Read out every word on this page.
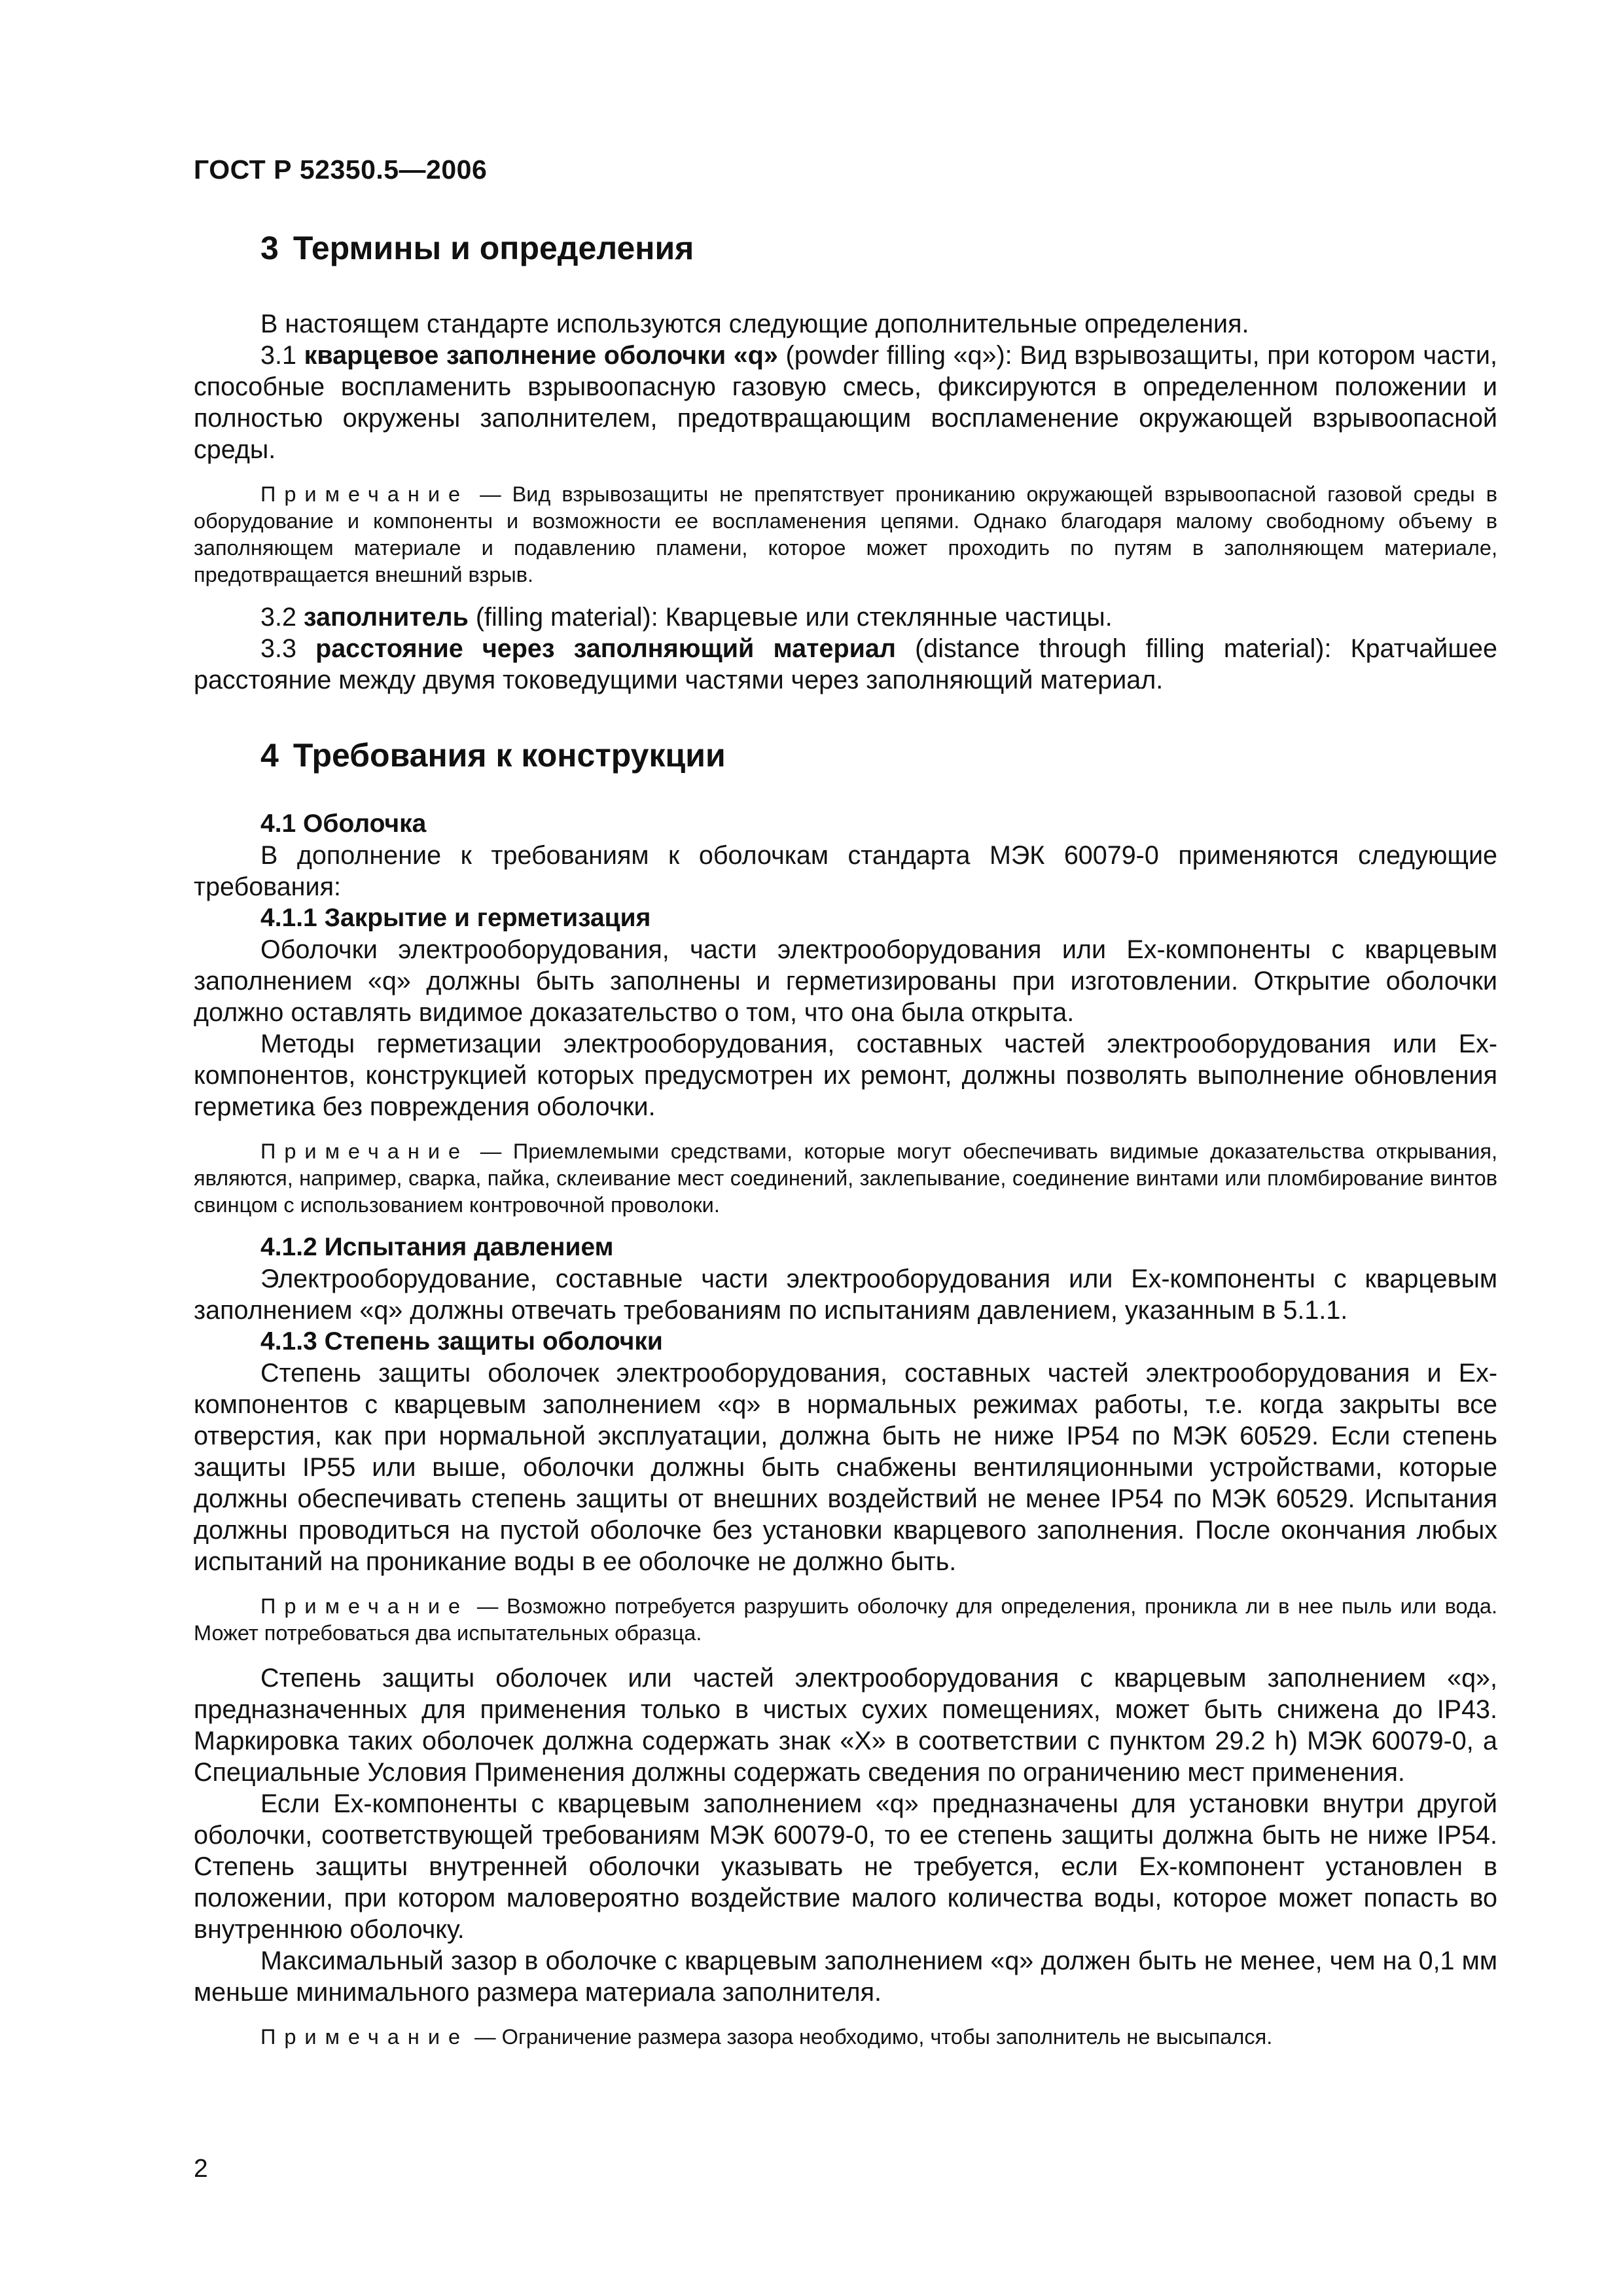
ГОСТ Р 52350.5—2006
3 Термины и определения

В настоящем стандарте используются следующие дополнительные определения.

3.1 кварцевое заполнение оболочки «q» (powder filling «q»): Вид взрывозащиты, при котором части, способные воспламенить взрывоопасную газовую смесь, фиксируются в определенном положении и полностью окружены заполнителем, предотвращающим воспламенение окружающей взрывоопасной среды.

Примечание — Вид взрывозащиты не препятствует прониканию окружающей взрывоопасной газовой среды в оборудование и компоненты и возможности ее воспламенения цепями. Однако благодаря малому свободному объему в заполняющем материале и подавлению пламени, которое может проходить по путям в заполняющем материале, предотвращается внешний взрыв.

3.2 заполнитель (filling material): Кварцевые или стеклянные частицы.

3.3 расстояние через заполняющий материал (distance through filling material): Кратчайшее расстояние между двумя токоведущими частями через заполняющий материал.

4 Требования к конструкции

4.1 Оболочка

В дополнение к требованиям к оболочкам стандарта МЭК 60079-0 применяются следующие требования:

4.1.1 Закрытие и герметизация

Оболочки электрооборудования, части электрооборудования или Ex-компоненты с кварцевым заполнением «q» должны быть заполнены и герметизированы при изготовлении. Открытие оболочки должно оставлять видимое доказательство о том, что она была открыта.

Методы герметизации электрооборудования, составных частей электрооборудования или Ex-компонентов, конструкцией которых предусмотрен их ремонт, должны позволять выполнение обновления герметика без повреждения оболочки.

Примечание — Приемлемыми средствами, которые могут обеспечивать видимые доказательства открывания, являются, например, сварка, пайка, склеивание мест соединений, заклепывание, соединение винтами или пломбирование винтов свинцом с использованием контровочной проволоки.

4.1.2 Испытания давлением

Электрооборудование, составные части электрооборудования или Ex-компоненты с кварцевым заполнением «q» должны отвечать требованиям по испытаниям давлением, указанным в 5.1.1.

4.1.3 Степень защиты оболочки

Степень защиты оболочек электрооборудования, составных частей электрооборудования и Ex-компонентов с кварцевым заполнением «q» в нормальных режимах работы, т.е. когда закрыты все отверстия, как при нормальной эксплуатации, должна быть не ниже IP54 по МЭК 60529. Если степень защиты IP55 или выше, оболочки должны быть снабжены вентиляционными устройствами, которые должны обеспечивать степень защиты от внешних воздействий не менее IP54 по МЭК 60529. Испытания должны проводиться на пустой оболочке без установки кварцевого заполнения. После окончания любых испытаний на проникание воды в ее оболочке не должно быть.

Примечание — Возможно потребуется разрушить оболочку для определения, проникла ли в нее пыль или вода. Может потребоваться два испытательных образца.

Степень защиты оболочек или частей электрооборудования с кварцевым заполнением «q», предназначенных для применения только в чистых сухих помещениях, может быть снижена до IP43. Маркировка таких оболочек должна содержать знак «X» в соответствии с пунктом 29.2 h) МЭК 60079-0, а Специальные Условия Применения должны содержать сведения по ограничению мест применения.

Если Ex-компоненты с кварцевым заполнением «q» предназначены для установки внутри другой оболочки, соответствующей требованиям МЭК 60079-0, то ее степень защиты должна быть не ниже IP54. Степень защиты внутренней оболочки указывать не требуется, если Ex-компонент установлен в положении, при котором маловероятно воздействие малого количества воды, которое может попасть во внутреннюю оболочку.

Максимальный зазор в оболочке с кварцевым заполнением «q» должен быть не менее, чем на 0,1 мм меньше минимального размера материала заполнителя.

Примечание — Ограничение размера зазора необходимо, чтобы заполнитель не высыпался.

2
